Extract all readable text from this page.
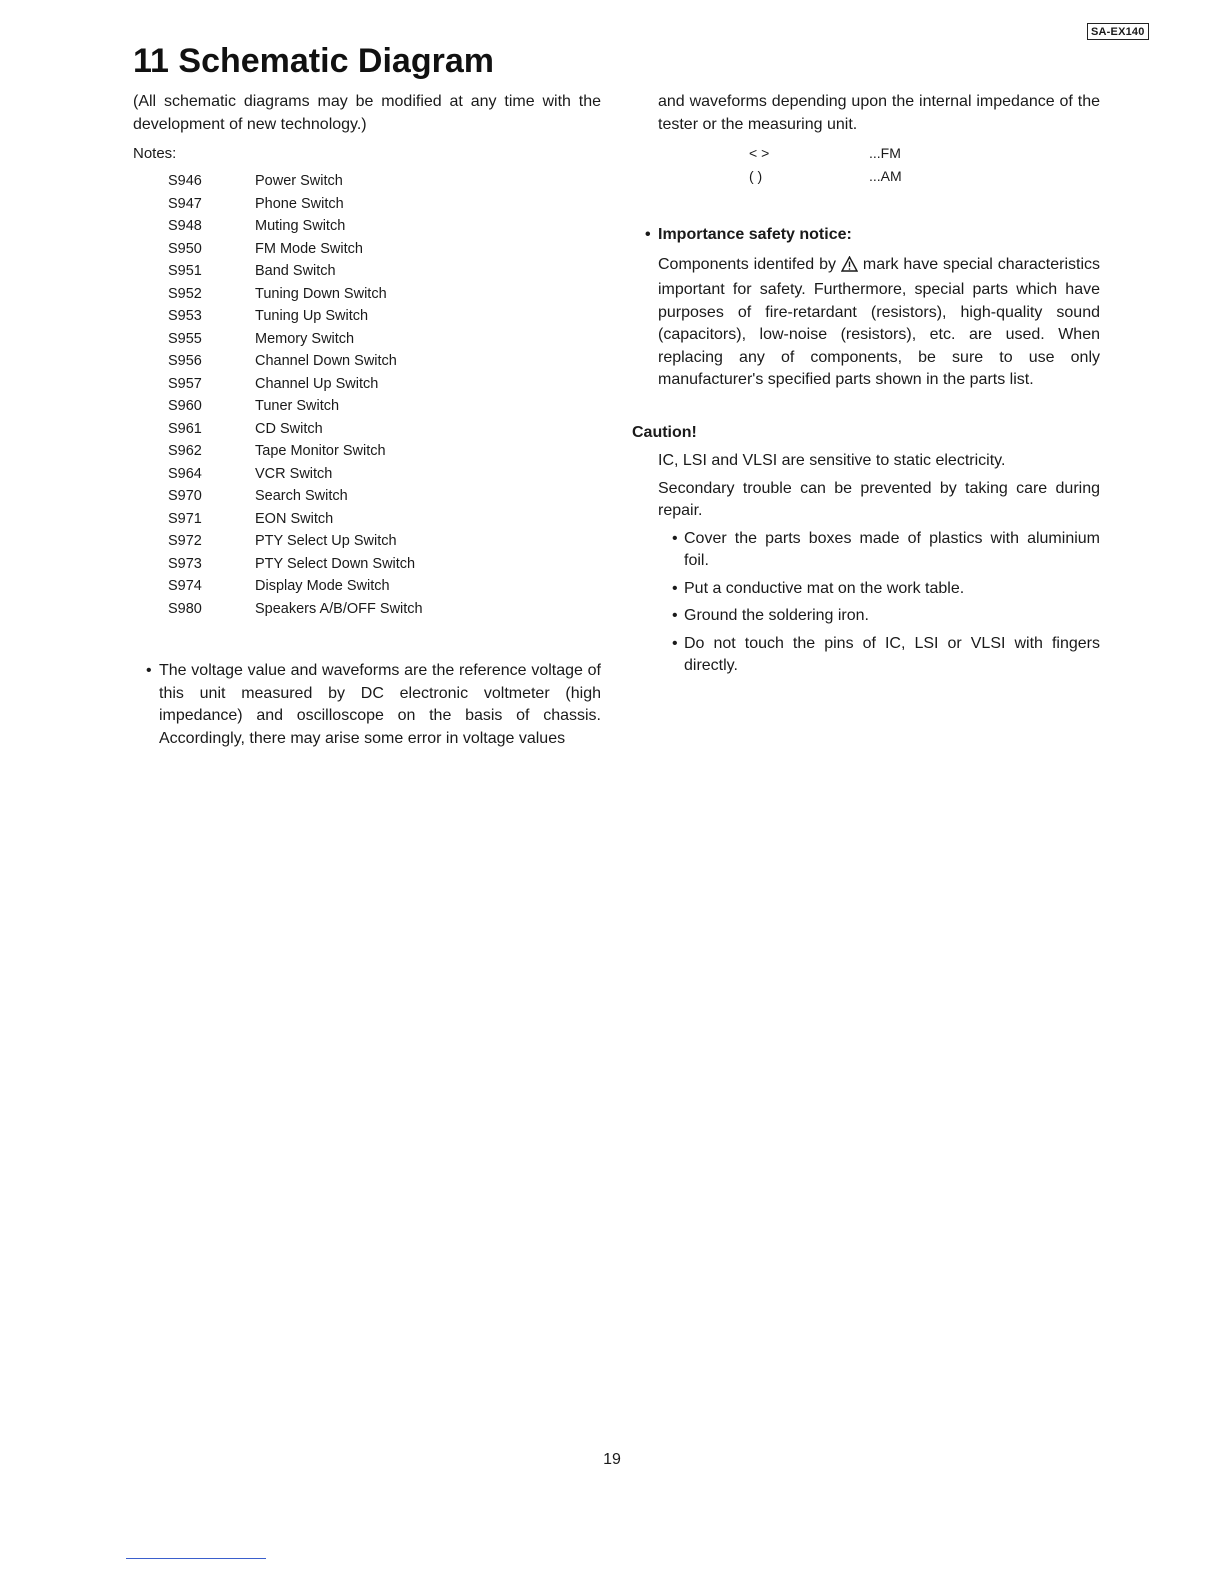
SA-EX140
11 Schematic Diagram

(All schematic diagrams may be modified at any time with the development of new technology.)

Notes:

S946	Power Switch
S947	Phone Switch
S948	Muting Switch
S950	FM Mode Switch
S951	Band Switch
S952	Tuning Down Switch
S953	Tuning Up Switch
S955	Memory Switch
S956	Channel Down Switch
S957	Channel Up Switch
S960	Tuner Switch
S961	CD Switch
S962	Tape Monitor Switch
S964	VCR Switch
S970	Search Switch
S971	EON Switch
S972	PTY Select Up Switch
S973	PTY Select Down Switch
S974	Display Mode Switch
S980	Speakers A/B/OFF Switch
• The voltage value and waveforms are the reference voltage of this unit measured by DC electronic voltmeter (high impedance) and oscilloscope on the basis of chassis. Accordingly, there may arise some error in voltage values

and waveforms depending upon the internal impedance of the tester or the measuring unit.

< >	...FM
( )	...AM
• Importance safety notice:

Components identifed by mark have special characteristics important for safety. Furthermore, special parts which have purposes of fire-retardant (resistors), high-quality sound (capacitors), low-noise (resistors), etc. are used. When replacing any of components, be sure to use only manufacturer's specified parts shown in the parts list.

Caution!

IC, LSI and VLSI are sensitive to static electricity.

Secondary trouble can be prevented by taking care during repair.

• Cover the parts boxes made of plastics with aluminium foil.
• Put a conductive mat on the work table.
• Ground the soldering iron.
• Do not touch the pins of IC, LSI or VLSI with fingers directly.
19
